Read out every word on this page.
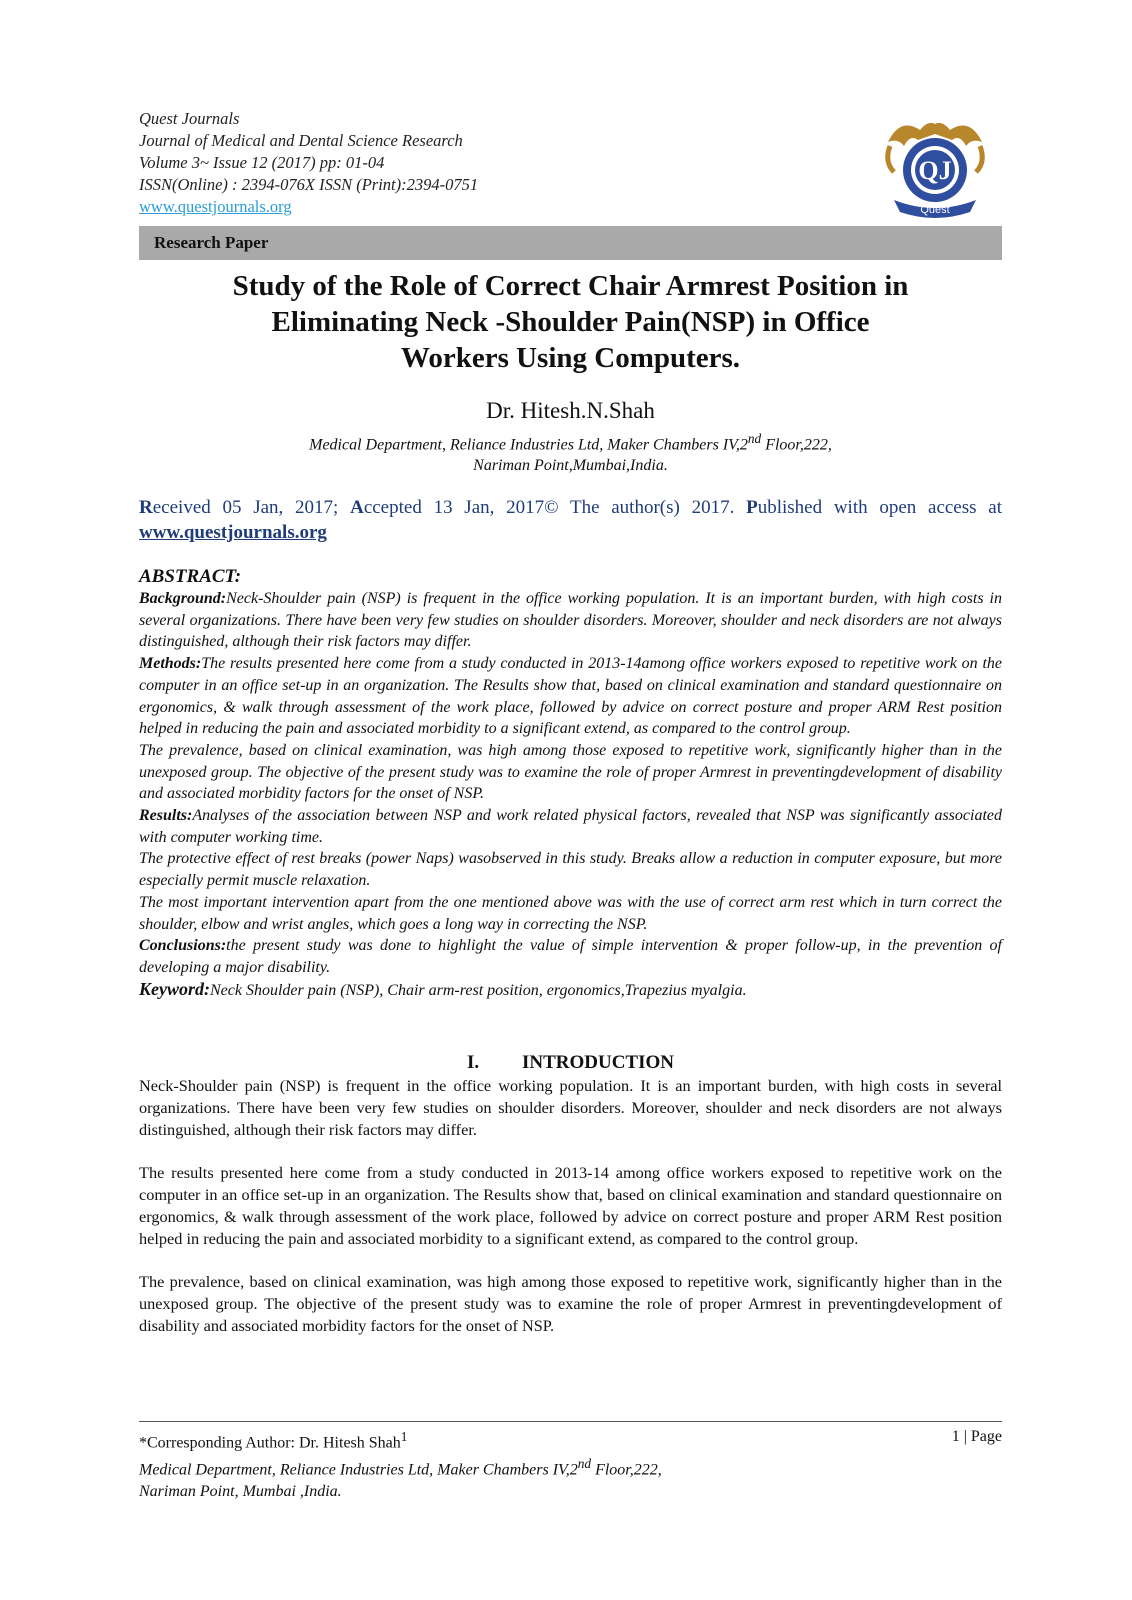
Quest Journals
Journal of Medical and Dental Science Research
Volume 3~ Issue 12 (2017) pp: 01-04
ISSN(Online) : 2394-076X ISSN (Print):2394-0751
www.questjournals.org
QJ
Quest
Research Paper
Study of the Role of Correct Chair Armrest Position in
Eliminating Neck -Shoulder Pain(NSP) in Office
Workers Using Computers.
Dr. Hitesh.N.Shah
Medical Department, Reliance Industries Ltd, Maker Chambers IV,2nd Floor,222,
Nariman Point,Mumbai,India.
Received 05 Jan, 2017; Accepted 13 Jan, 2017© The author(s) 2017. Published with open access at www.questjournals.org
ABSTRACT:

Background:Neck-Shoulder pain (NSP) is frequent in the office working population. It is an important burden, with high costs in several organizations. There have been very few studies on shoulder disorders. Moreover, shoulder and neck disorders are not always distinguished, although their risk factors may differ.

Methods:The results presented here come from a study conducted in 2013-14among office workers exposed to repetitive work on the computer in an office set-up in an organization. The Results show that, based on clinical examination and standard questionnaire on ergonomics, & walk through assessment of the work place, followed by advice on correct posture and proper ARM Rest position helped in reducing the pain and associated morbidity to a significant extend, as compared to the control group.

The prevalence, based on clinical examination, was high among those exposed to repetitive work, significantly higher than in the unexposed group. The objective of the present study was to examine the role of proper Armrest in preventingdevelopment of disability and associated morbidity factors for the onset of NSP.

Results:Analyses of the association between NSP and work related physical factors, revealed that NSP was significantly associated with computer working time.

The protective effect of rest breaks (power Naps) wasobserved in this study. Breaks allow a reduction in computer exposure, but more especially permit muscle relaxation.

The most important intervention apart from the one mentioned above was with the use of correct arm rest which in turn correct the shoulder, elbow and wrist angles, which goes a long way in correcting the NSP.

Conclusions:the present study was done to highlight the value of simple intervention & proper follow-up, in the prevention of developing a major disability.

Keyword:Neck Shoulder pain (NSP), Chair arm-rest position, ergonomics,Trapezius myalgia.

I. INTRODUCTION

Neck-Shoulder pain (NSP) is frequent in the office working population. It is an important burden, with high costs in several organizations. There have been very few studies on shoulder disorders. Moreover, shoulder and neck disorders are not always distinguished, although their risk factors may differ.

The results presented here come from a study conducted in 2013-14 among office workers exposed to repetitive work on the computer in an office set-up in an organization. The Results show that, based on clinical examination and standard questionnaire on ergonomics, & walk through assessment of the work place, followed by advice on correct posture and proper ARM Rest position helped in reducing the pain and associated morbidity to a significant extend, as compared to the control group.

The prevalence, based on clinical examination, was high among those exposed to repetitive work, significantly higher than in the unexposed group. The objective of the present study was to examine the role of proper Armrest in preventingdevelopment of disability and associated morbidity factors for the onset of NSP.

*Corresponding Author: Dr. Hitesh Shah$^1$	1 | Page
Medical Department, Reliance Industries Ltd, Maker Chambers IV,2nd Floor,222,
Nariman Point, Mumbai ,India.
